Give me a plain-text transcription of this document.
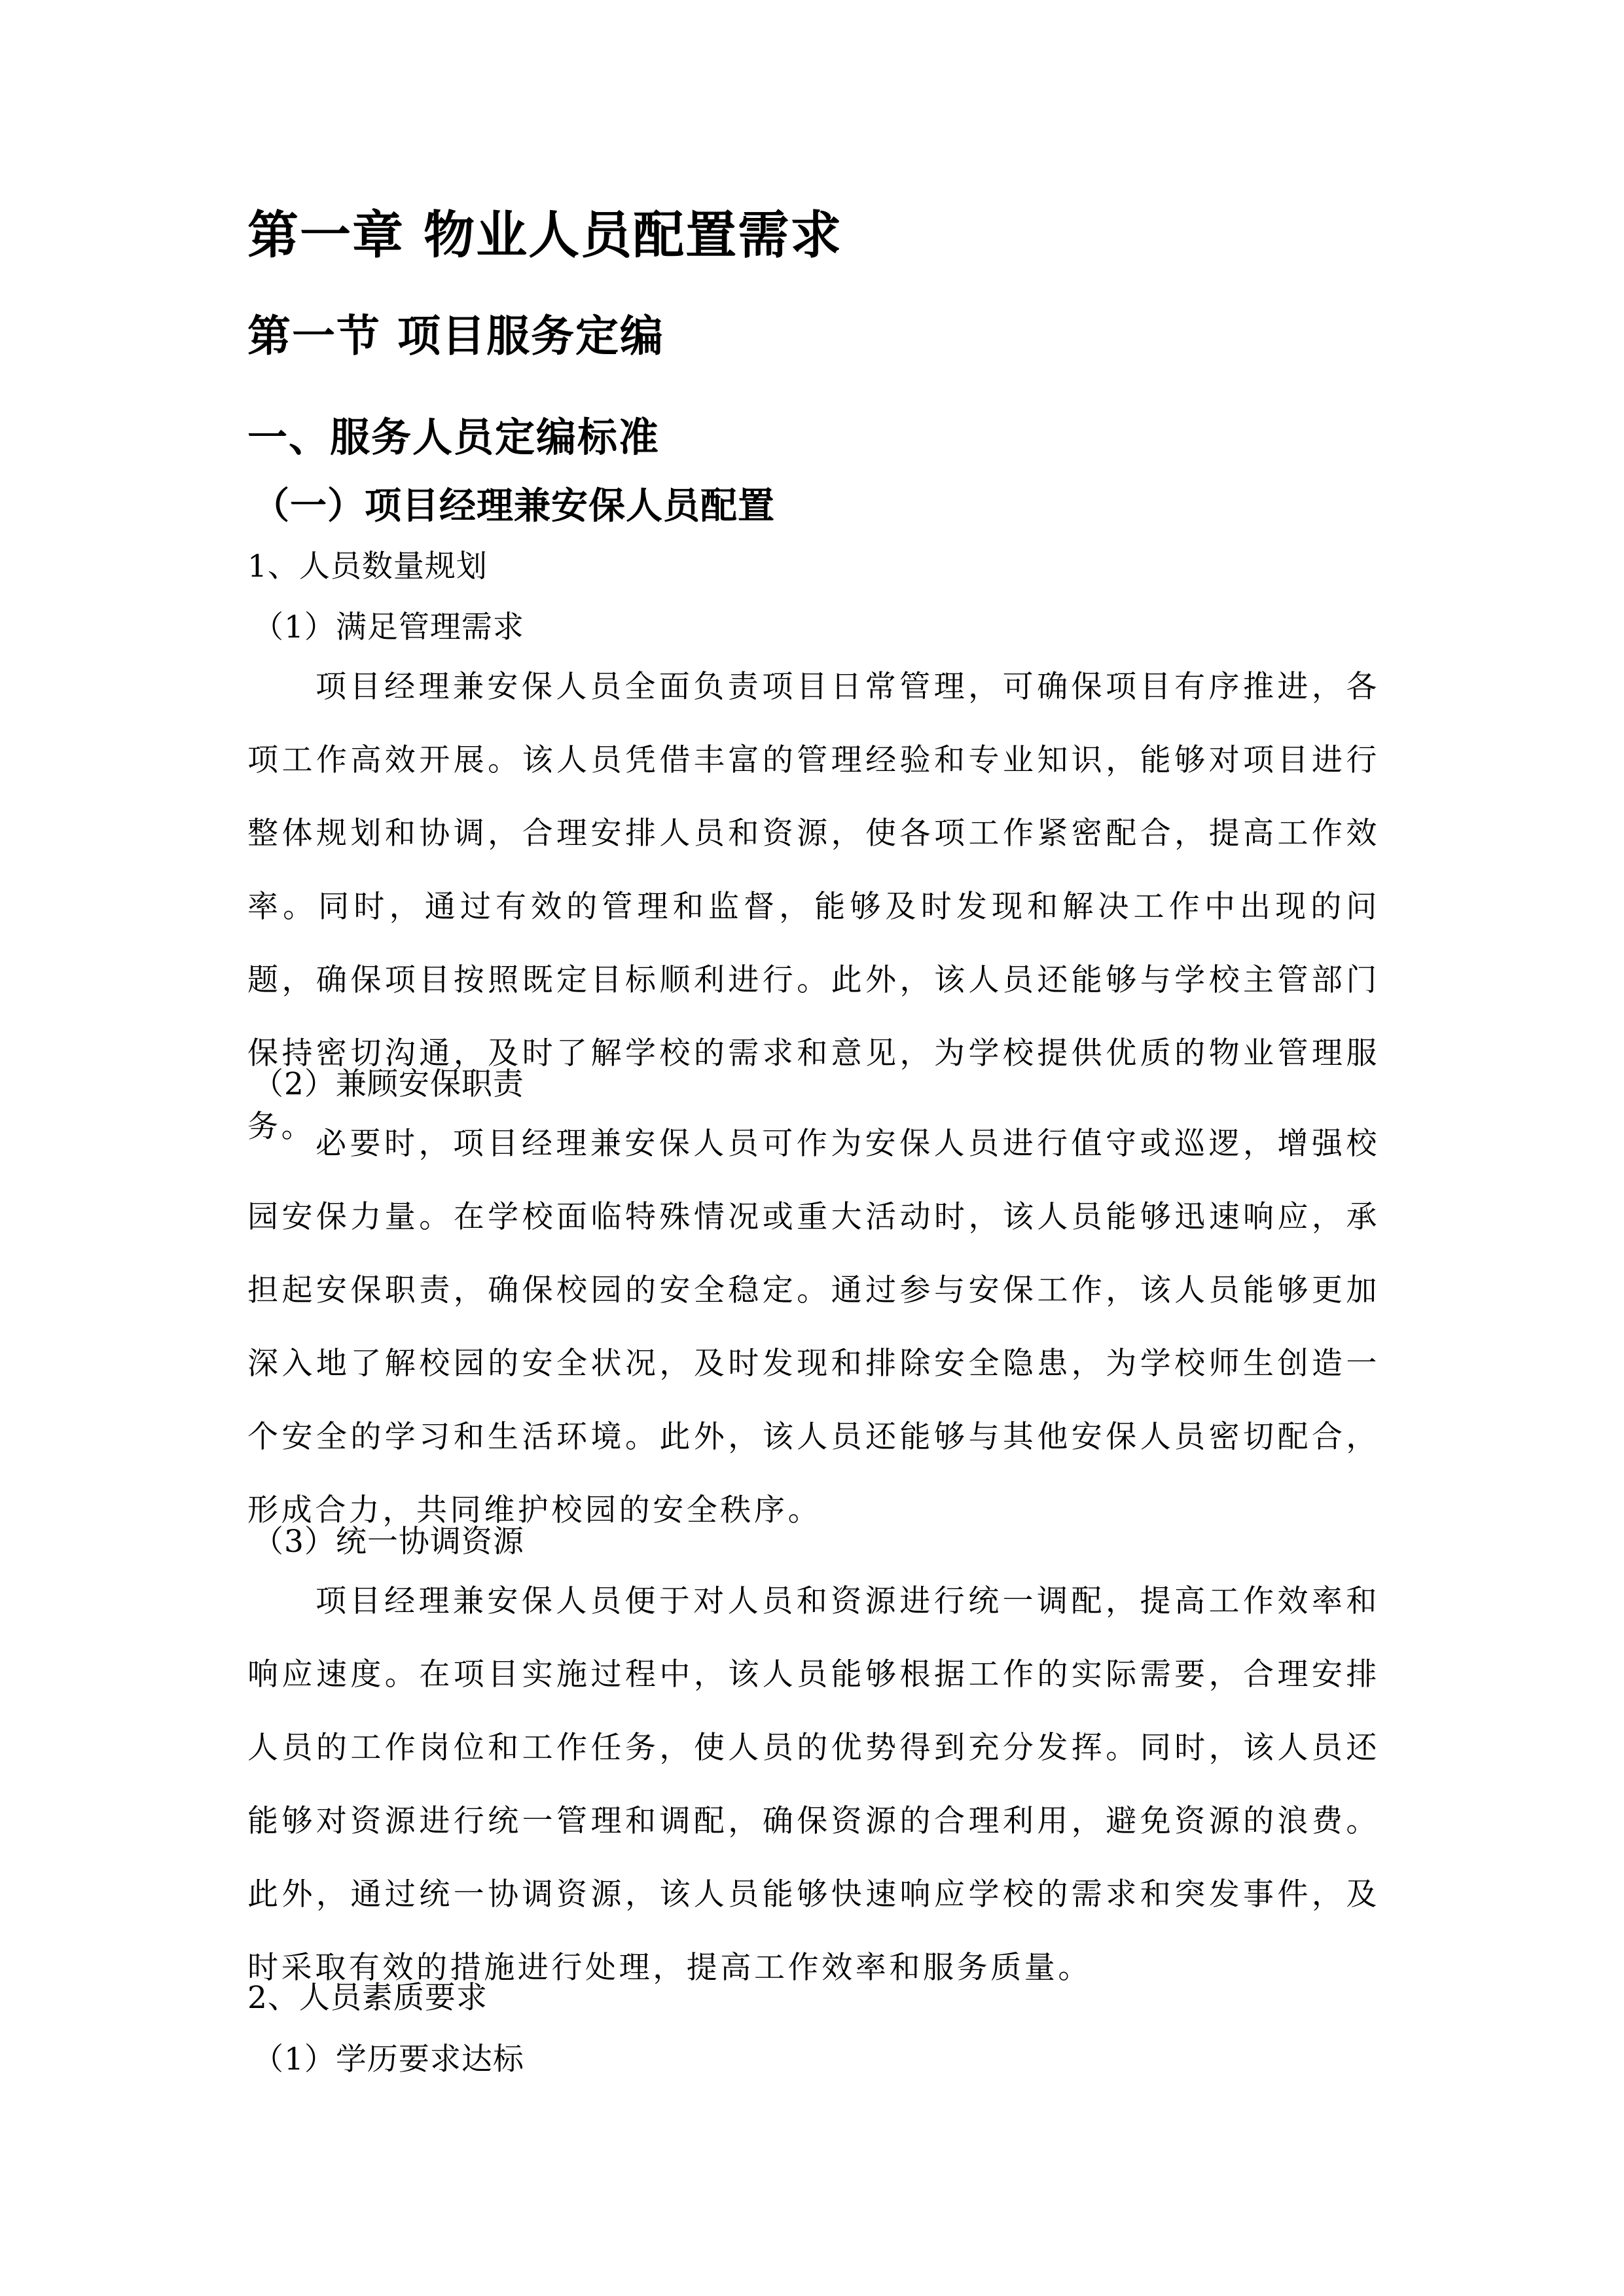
第一章 物业人员配置需求
第一节 项目服务定编
一、服务人员定编标准
（一）项目经理兼安保人员配置
1、人员数量规划
（1）满足管理需求

项目经理兼安保人员全面负责项目日常管理，可确保项目有序推进，各项工作高效开展。该人员凭借丰富的管理经验和专业知识，能够对项目进行整体规划和协调，合理安排人员和资源，使各项工作紧密配合，提高工作效率。同时，通过有效的管理和监督，能够及时发现和解决工作中出现的问题，确保项目按照既定目标顺利进行。此外，该人员还能够与学校主管部门保持密切沟通，及时了解学校的需求和意见，为学校提供优质的物业管理服务。

（2）兼顾安保职责

必要时，项目经理兼安保人员可作为安保人员进行值守或巡逻，增强校园安保力量。在学校面临特殊情况或重大活动时，该人员能够迅速响应，承担起安保职责，确保校园的安全稳定。通过参与安保工作，该人员能够更加深入地了解校园的安全状况，及时发现和排除安全隐患，为学校师生创造一个安全的学习和生活环境。此外，该人员还能够与其他安保人员密切配合，形成合力，共同维护校园的安全秩序。

（3）统一协调资源

项目经理兼安保人员便于对人员和资源进行统一调配，提高工作效率和响应速度。在项目实施过程中，该人员能够根据工作的实际需要，合理安排人员的工作岗位和工作任务，使人员的优势得到充分发挥。同时，该人员还能够对资源进行统一管理和调配，确保资源的合理利用，避免资源的浪费。此外，通过统一协调资源，该人员能够快速响应学校的需求和突发事件，及时采取有效的措施进行处理，提高工作效率和服务质量。

2、人员素质要求
（1）学历要求达标
